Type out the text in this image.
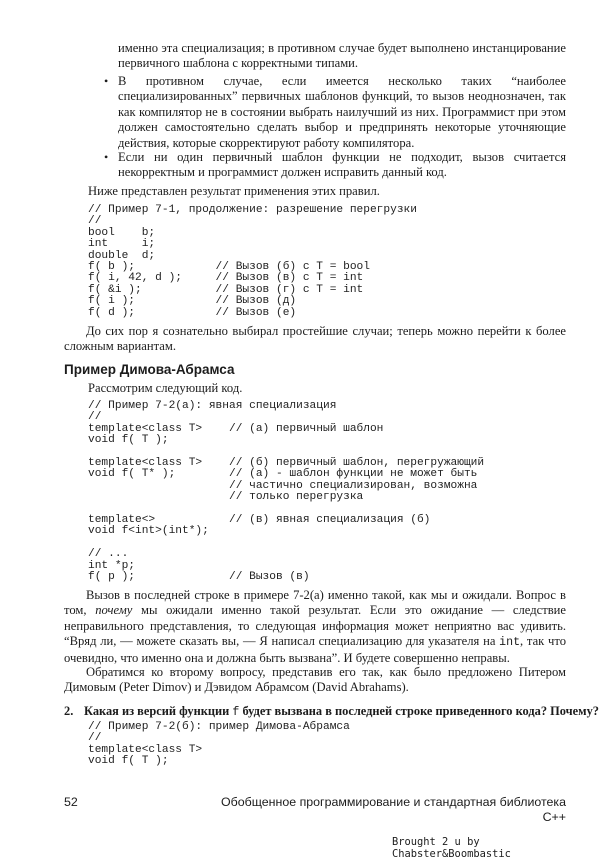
именно эта специализация; в противном случае будет выполнено инстанцирование первичного шаблона с корректными типами.

• В противном случае, если имеется несколько таких “наиболее специализированных” первичных шаблонов функций, то вызов неоднозначен, так как компилятор не в состоянии выбрать наилучший из них. Программист при этом должен самостоятельно сделать выбор и предпринять некоторые уточняющие действия, которые скорректируют работу компилятора.

• Если ни один первичный шаблон функции не подходит, вызов считается некорректным и программист должен исправить данный код.

Ниже представлен результат применения этих правил.

// Пример 7-1, продолжение: разрешение перегрузки
//
bool    b;
int     i;
double  d;
f( b );            // Вызов (б) с T = bool
f( i, 42, d );     // Вызов (в) с T = int
f( &i );           // Вызов (г) с T = int
f( i );            // Вызов (д)
f( d );            // Вызов (е)

До сих пор я сознательно выбирал простейшие случаи; теперь можно перейти к более сложным вариантам.

Пример Димова-Абрамса

Рассмотрим следующий код.

// Пример 7-2(а): явная специализация
//
template<class T>    // (а) первичный шаблон
void f( T );

template<class T>    // (б) первичный шаблон, перегружающий
void f( T* );        // (а) - шаблон функции не может быть
// частично специализирован, возможна
// только перегрузка

template<>           // (в) явная специализация (б)
void f<int>(int*);

// ...
int *p;
f( p );              // Вызов (в)

Вызов в последней строке в примере 7-2(а) именно такой, как мы и ожидали. Вопрос в том, почему мы ожидали именно такой результат. Если это ожидание — следствие неправильного представления, то следующая информация может неприятно вас удивить. “Вряд ли, — можете сказать вы, — Я написал специализацию для указателя на int, так что очевидно, что именно она и должна быть вызвана”. И будете совершенно неправы.

Обратимся ко второму вопросу, представив его так, как было предложено Питером Димовым (Peter Dimov) и Дэвидом Абрамсом (David Abrahams).

2. Какая из версий функции f будет вызвана в последней строке приведенного кода? Почему?

// Пример 7-2(б): пример Димова-Абрамса
//
template<class T>
void f( T );
52	Обобщенное программирование и стандартная библиотека C++
Brought 2 u by Chabster&Boombastic
